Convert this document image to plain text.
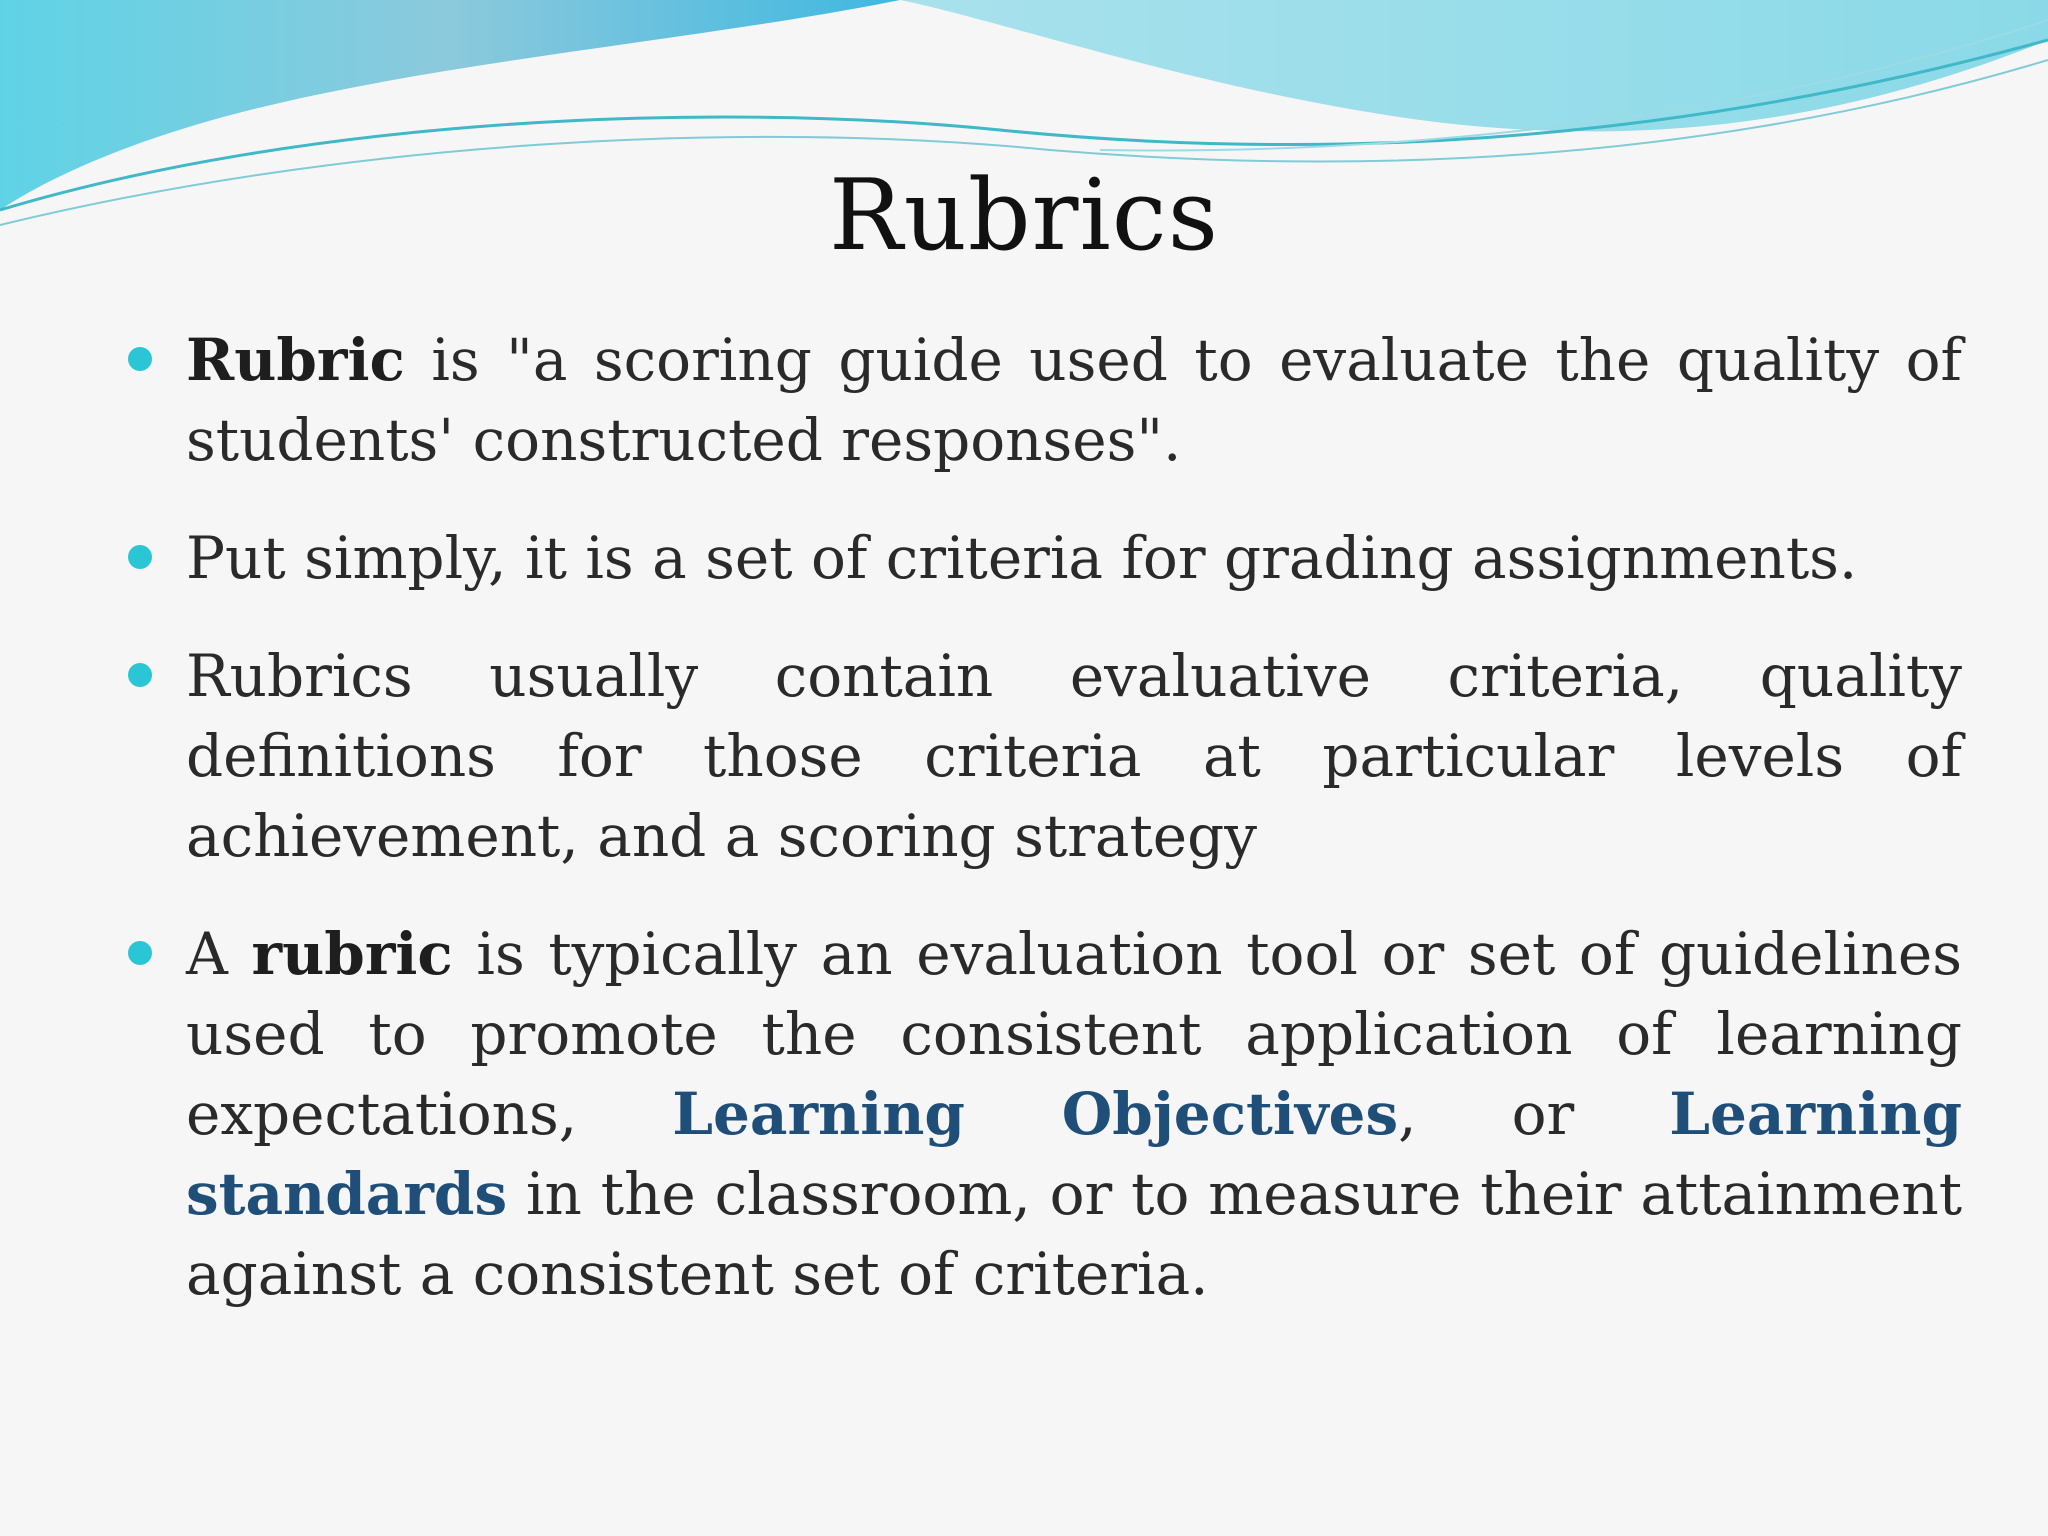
Rubrics
Rubric is "a scoring guide used to evaluate the quality of students' constructed responses".
Put simply, it is a set of criteria for grading assignments.
Rubrics usually contain evaluative criteria, quality definitions for those criteria at particular levels of achievement, and a scoring strategy
A rubric is typically an evaluation tool or set of guidelines used to promote the consistent application of learning expectations, Learning Objectives, or Learning standards in the classroom, or to measure their attainment against a consistent set of criteria.
